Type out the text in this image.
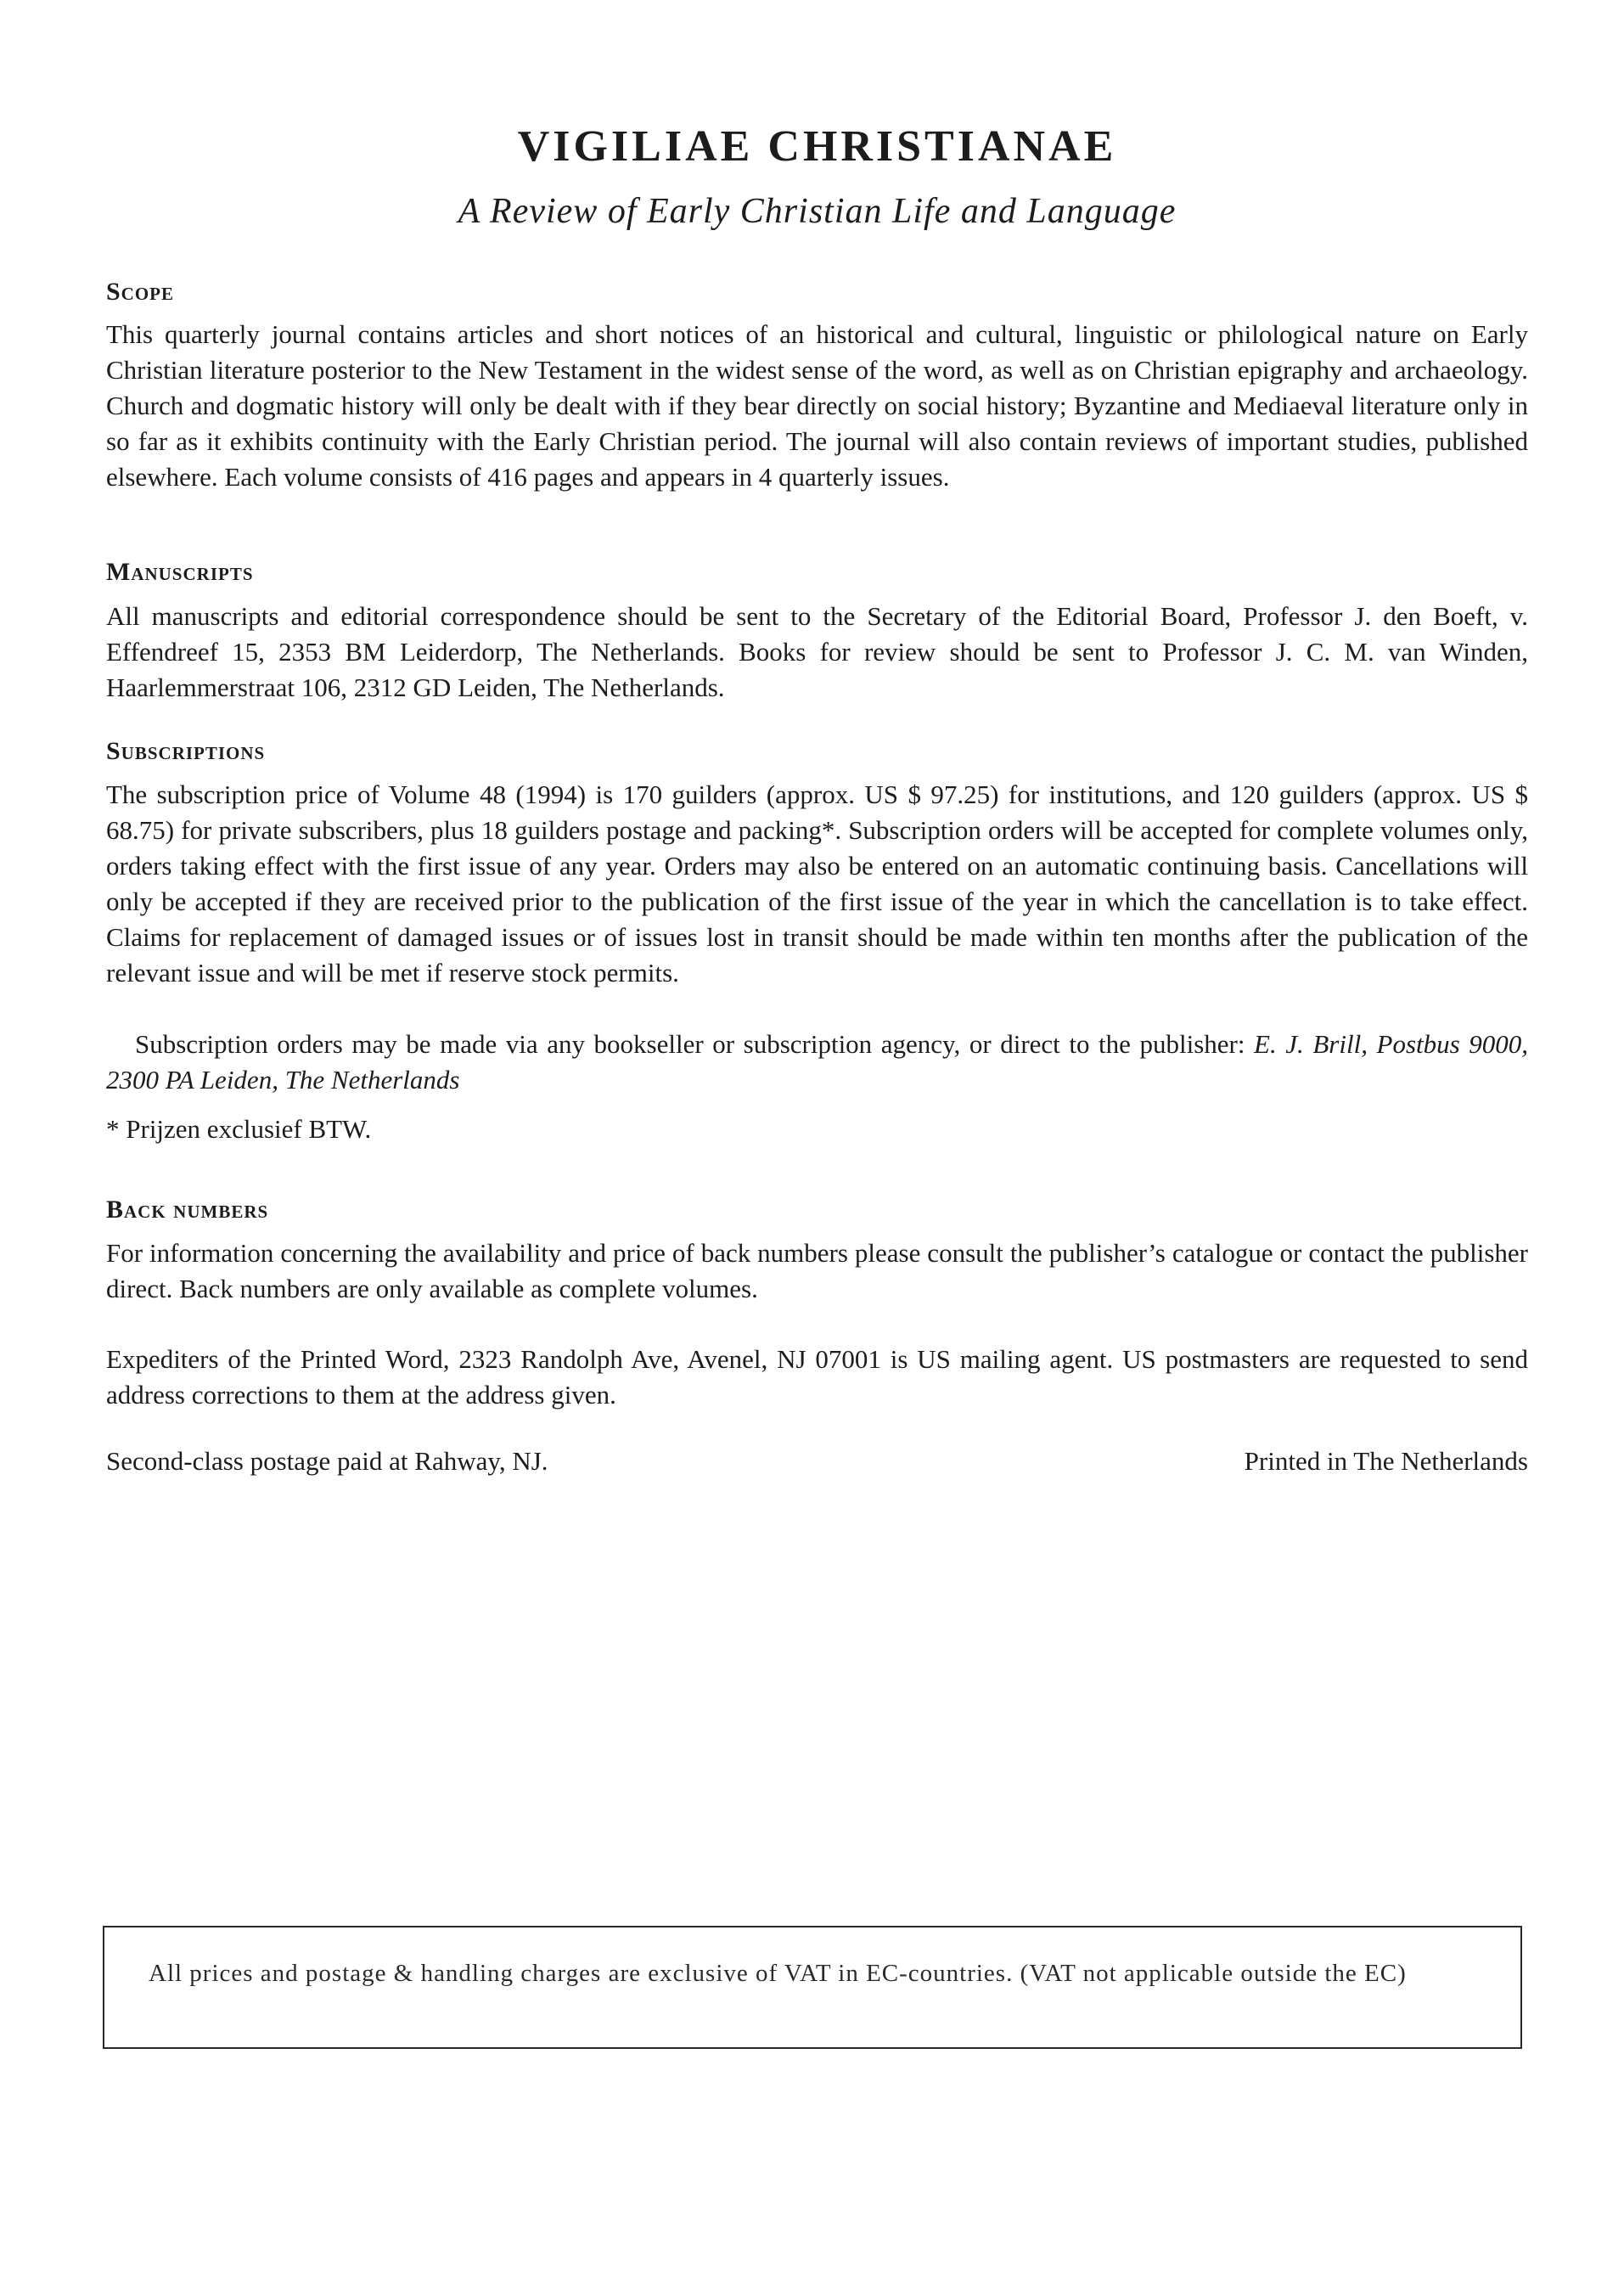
VIGILIAE CHRISTIANAE

A Review of Early Christian Life and Language

Scope

This quarterly journal contains articles and short notices of an historical and cultural, linguistic or philological nature on Early Christian literature posterior to the New Testament in the widest sense of the word, as well as on Christian epigraphy and archaeology. Church and dogmatic history will only be dealt with if they bear directly on social history; Byzantine and Mediaeval literature only in so far as it exhibits continuity with the Early Christian period. The journal will also contain reviews of important studies, published elsewhere. Each volume consists of 416 pages and appears in 4 quarterly issues.

Manuscripts

All manuscripts and editorial correspondence should be sent to the Secretary of the Editorial Board, Professor J. den Boeft, v. Effendreef 15, 2353 BM Leiderdorp, The Netherlands. Books for review should be sent to Professor J. C. M. van Winden, Haarlemmerstraat 106, 2312 GD Leiden, The Netherlands.

Subscriptions

The subscription price of Volume 48 (1994) is 170 guilders (approx. US $ 97.25) for institutions, and 120 guilders (approx. US $ 68.75) for private subscribers, plus 18 guilders postage and packing*. Subscription orders will be accepted for complete volumes only, orders taking effect with the first issue of any year. Orders may also be entered on an automatic continuing basis. Cancellations will only be accepted if they are received prior to the publication of the first issue of the year in which the cancellation is to take effect. Claims for replacement of damaged issues or of issues lost in transit should be made within ten months after the publication of the relevant issue and will be met if reserve stock permits.

Subscription orders may be made via any bookseller or subscription agency, or direct to the publisher: E. J. Brill, Postbus 9000, 2300 PA Leiden, The Netherlands

* Prijzen exclusief BTW.

Back numbers

For information concerning the availability and price of back numbers please consult the publisher’s catalogue or contact the publisher direct. Back numbers are only available as complete volumes.

Expediters of the Printed Word, 2323 Randolph Ave, Avenel, NJ 07001 is US mailing agent. US postmasters are requested to send address corrections to them at the address given.

Second-class postage paid at Rahway, NJ.	Printed in The Netherlands

All prices and postage & handling charges are exclusive of VAT in EC-countries. (VAT not applicable outside the EC)
